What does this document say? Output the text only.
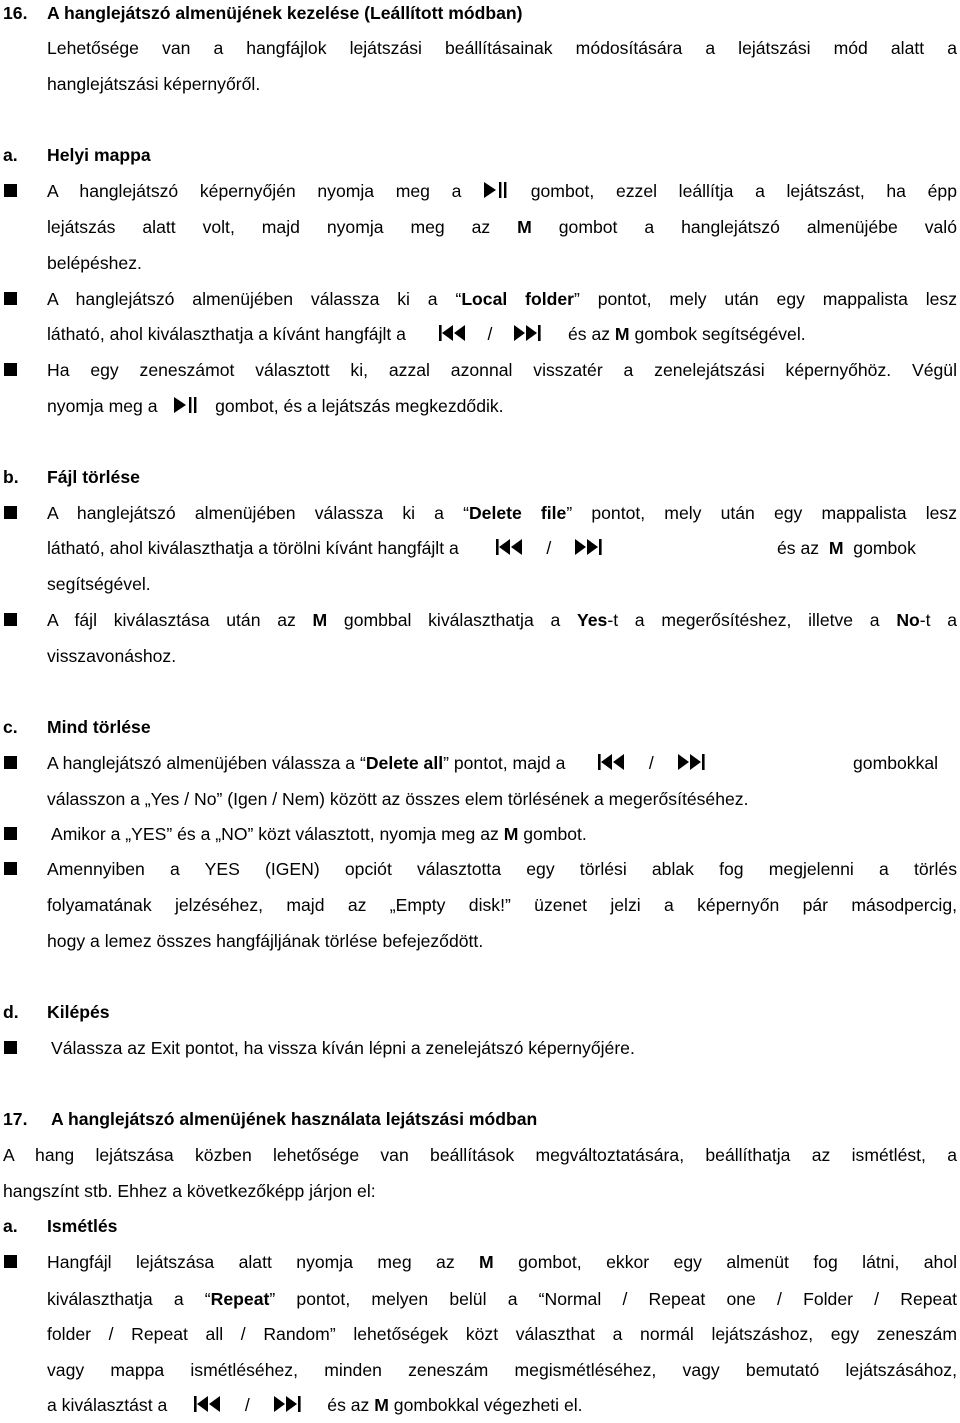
16. A hanglejátszó almenüjének kezelése (Leállított módban)
Lehetősége van a hangfájlok lejátszási beállításainak módosítására a lejátszási mód alatt a
hanglejátszási képernyőről.
a. Helyi mappa
A hanglejátszó képernyőjén nyomja meg a	gombot, ezzel leállítja a lejátszást, ha épp
lejátszás alatt volt, majd nyomja meg az M gombot a hanglejátszó almenüjébe való
belépéshez.
A hanglejátszó almenüjében válassza ki a “Local folder” pontot, mely után egy mappalista lesz
látható, ahol kiválaszthatja a kívánt hangfájlt a	/	és az M gombok segítségével.
Ha egy zeneszámot választott ki, azzal azonnal visszatér a zenelejátszási képernyőhöz. Végül
nyomja meg a	gombot, és a lejátszás megkezdődik.
b. Fájl törlése
A hanglejátszó almenüjében válassza ki a “Delete file” pontot, mely után egy mappalista lesz
látható, ahol kiválaszthatja a törölni kívánt hangfájlt a	/	és az M gombok
segítségével.
A fájl kiválasztása után az M gombbal kiválaszthatja a Yes-t a megerősítéshez, illetve a No-t a
visszavonáshoz.
c. Mind törlése
A hanglejátszó almenüjében válassza a “Delete all” pontot, majd a	/	gombokkal
válasszon a „Yes / No” (Igen / Nem) között az összes elem törlésének a megerősítéséhez.
Amikor a „YES” és a „NO” közt választott, nyomja meg az M gombot.
Amennyiben a YES (IGEN) opciót választotta egy törlési ablak fog megjelenni a törlés
folyamatának jelzéséhez, majd az „Empty disk!” üzenet jelzi a képernyőn pár másodpercig,
hogy a lemez összes hangfájljának törlése befejeződött.
d. Kilépés
Válassza az Exit pontot, ha vissza kíván lépni a zenelejátszó képernyőjére.
17. A hanglejátszó almenüjének használata lejátszási módban
A hang lejátszása közben lehetősége van beállítások megváltoztatására, beállíthatja az ismétlést, a
hangszínt stb. Ehhez a következőképp járjon el:
a. Ismétlés
Hangfájl lejátszása alatt nyomja meg az M gombot, ekkor egy almenüt fog látni, ahol
kiválaszthatja a “Repeat” pontot, melyen belül a “Normal / Repeat one / Folder / Repeat
folder / Repeat all / Random” lehetőségek közt választhat a normál lejátszáshoz, egy zeneszám
vagy mappa ismétléséhez, minden zeneszám megismétléséhez, vagy bemutató lejátszásához,
a kiválasztást a	/	és az M gombokkal végezheti el.
